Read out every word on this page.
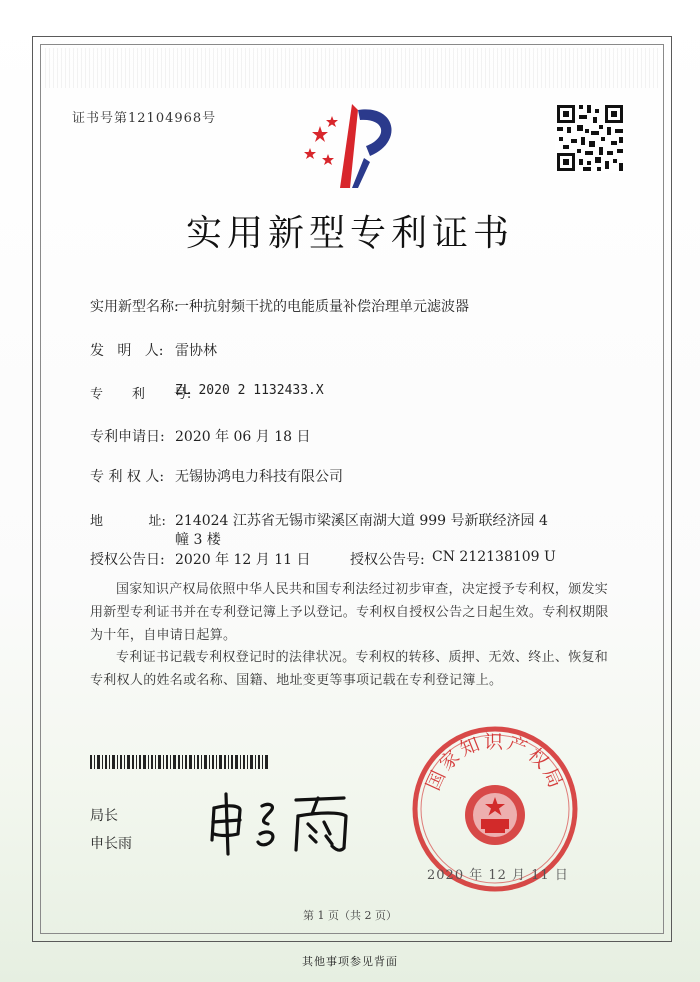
证书号第12104968号
实用新型专利证书
实用新型名称:
一种抗射频干扰的电能质量补偿治理单元滤波器
发   明   人: 雷协林
专       利       号:
ZL 2020 2 1132433.X
专利申请日: 2020 年 06 月 18 日
专 利 权 人: 无锡协鸿电力科技有限公司
地           址: 214024 江苏省无锡市梁溪区南湖大道 999 号新联经济园 4
幢 3 楼
授权公告日: 2020 年 12 月 11 日	授权公告号: CN 212138109 U
国家知识产权局依照中华人民共和国专利法经过初步审查，决定授予专利权，颁发实用新型专利证书并在专利登记簿上予以登记。专利权自授权公告之日起生效。专利权期限为十年，自申请日起算。
专利证书记载专利权登记时的法律状况。专利权的转移、质押、无效、终止、恢复和专利权人的姓名或名称、国籍、地址变更等事项记载在专利登记簿上。
局长
申长雨
国家知识产权局
2020 年 12 月 11 日
第 1 页（共 2 页）
其他事项参见背面
